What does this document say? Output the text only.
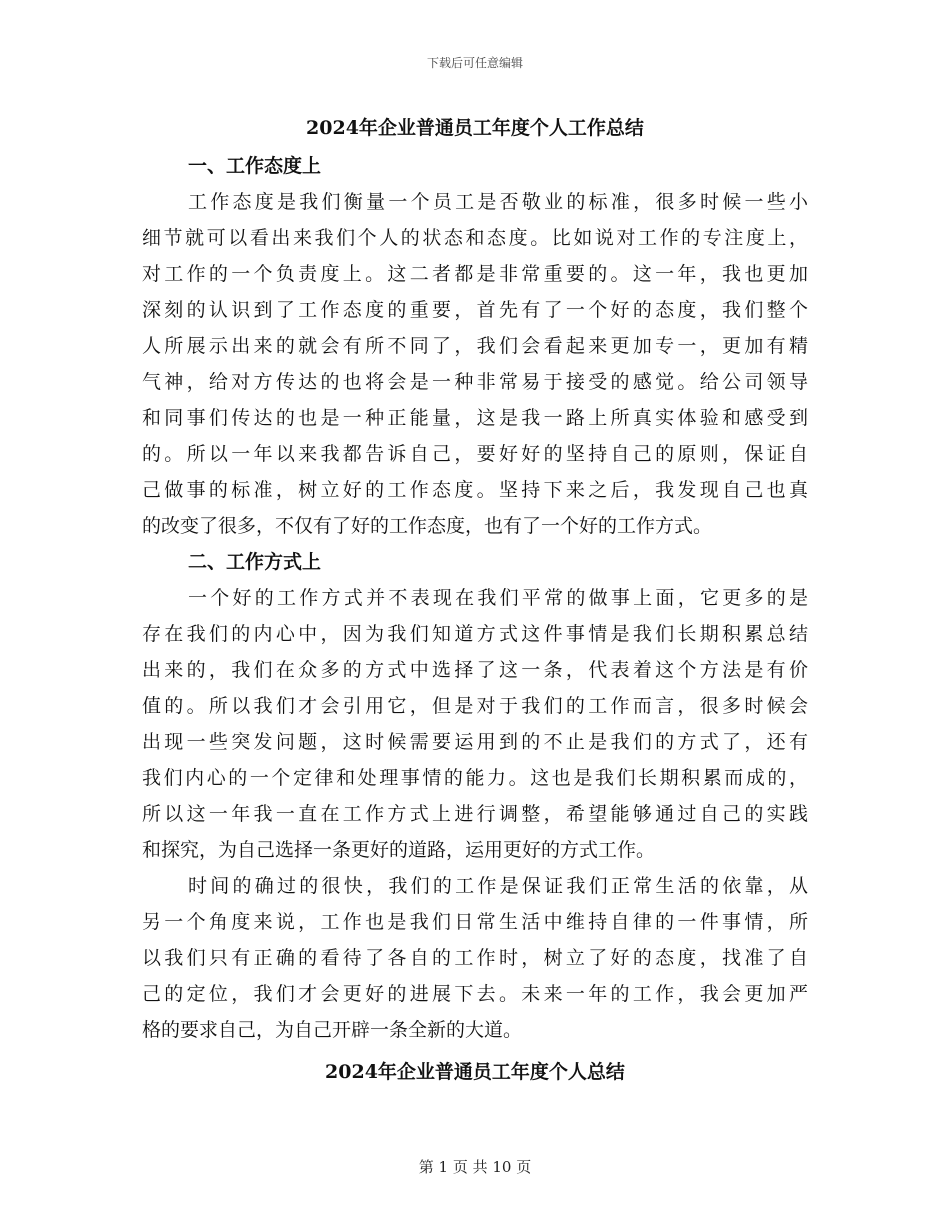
下载后可任意编辑
2024年企业普通员工年度个人工作总结
一、工作态度上
工作态度是我们衡量一个员工是否敬业的标准，很多时候一些小
细节就可以看出来我们个人的状态和态度。比如说对工作的专注度上，
对工作的一个负责度上。这二者都是非常重要的。这一年，我也更加
深刻的认识到了工作态度的重要，首先有了一个好的态度，我们整个
人所展示出来的就会有所不同了，我们会看起来更加专一，更加有精
气神，给对方传达的也将会是一种非常易于接受的感觉。给公司领导
和同事们传达的也是一种正能量，这是我一路上所真实体验和感受到
的。所以一年以来我都告诉自己，要好好的坚持自己的原则，保证自
己做事的标准，树立好的工作态度。坚持下来之后，我发现自己也真
的改变了很多，不仅有了好的工作态度，也有了一个好的工作方式。
二、工作方式上
一个好的工作方式并不表现在我们平常的做事上面，它更多的是
存在我们的内心中，因为我们知道方式这件事情是我们长期积累总结
出来的，我们在众多的方式中选择了这一条，代表着这个方法是有价
值的。所以我们才会引用它，但是对于我们的工作而言，很多时候会
出现一些突发问题，这时候需要运用到的不止是我们的方式了，还有
我们内心的一个定律和处理事情的能力。这也是我们长期积累而成的，
所以这一年我一直在工作方式上进行调整，希望能够通过自己的实践
和探究，为自己选择一条更好的道路，运用更好的方式工作。
时间的确过的很快，我们的工作是保证我们正常生活的依靠，从
另一个角度来说，工作也是我们日常生活中维持自律的一件事情，所
以我们只有正确的看待了各自的工作时，树立了好的态度，找准了自
己的定位，我们才会更好的进展下去。未来一年的工作，我会更加严
格的要求自己，为自己开辟一条全新的大道。
2024年企业普通员工年度个人总结
第 1 页 共 10 页
